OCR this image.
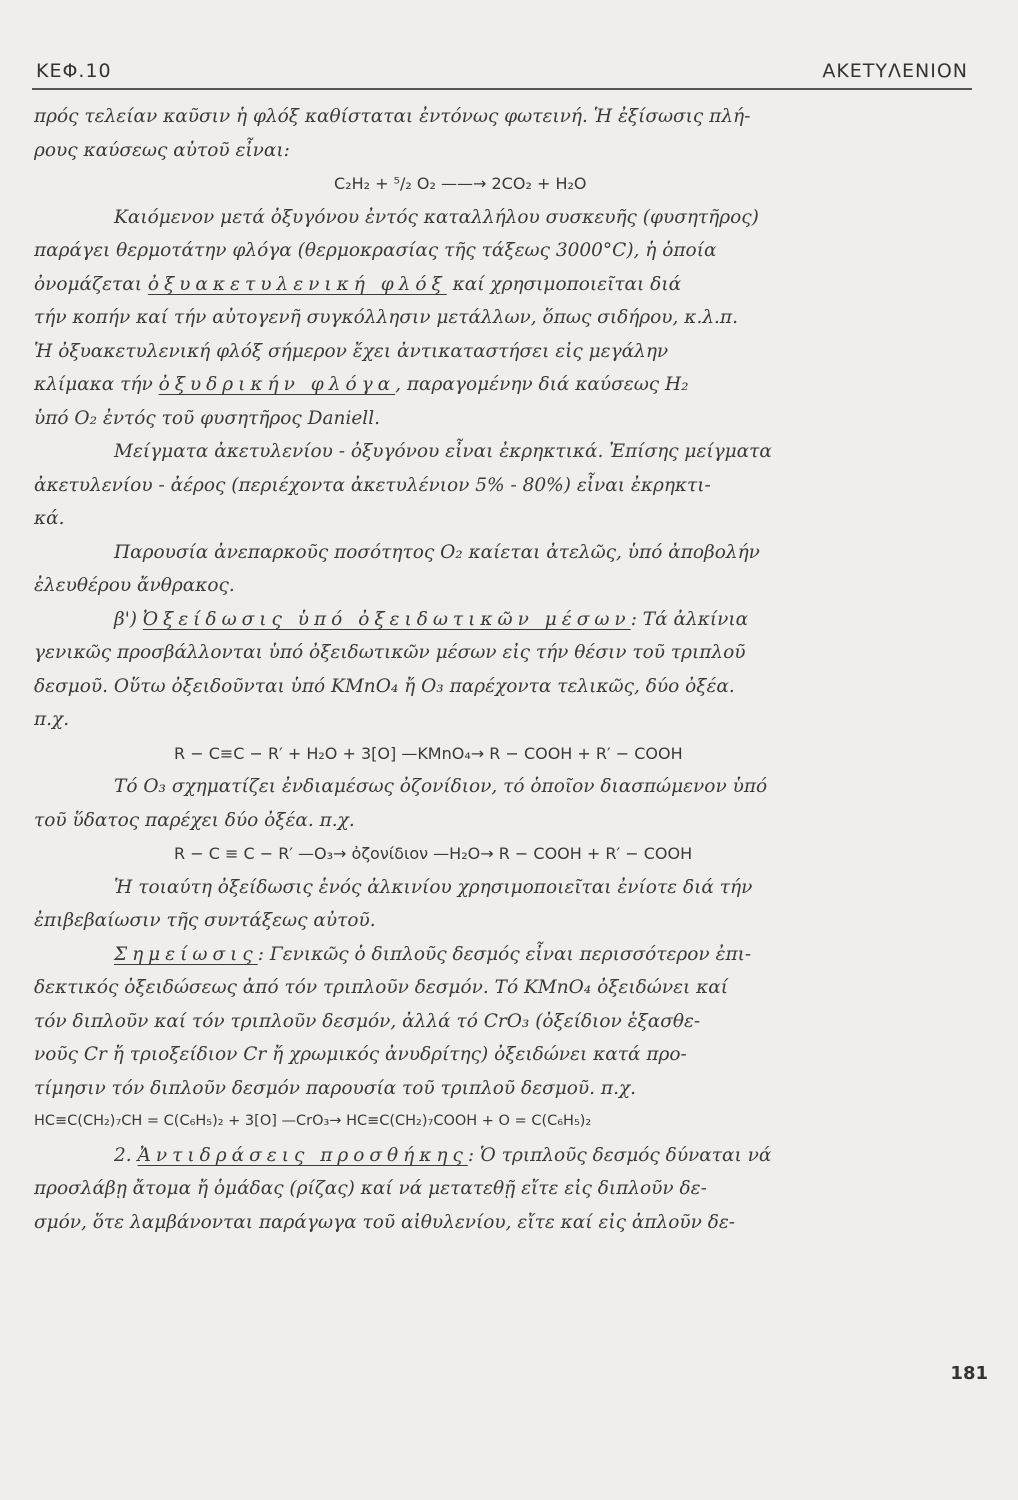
ΚΕΦ.10	ΑΚΕΤΥΛΕΝΙΟΝ
πρός τελείαν καῦσιν ἡ φλόξ καθίσταται ἐντόνως φωτεινή. Ἡ ἐξίσωσις πλή-
ρους καύσεως αὐτοῦ εἶναι:
C₂H₂ + ⁵/₂ O₂ ——→ 2CO₂ + H₂O
Καιόμενον μετά ὀξυγόνου ἐντός καταλλήλου συσκευῆς (φυσητῆρος)
παράγει θερμοτάτην φλόγα (θερμοκρασίας τῆς τάξεως 3000°C), ἡ ὁποία
ὀνομάζεται ὀξυακετυλενική φλόξ καί χρησιμοποιεῖται διά
τήν κοπήν καί τήν αὐτογενῆ συγκόλλησιν μετάλλων, ὅπως σιδήρου, κ.λ.π.
Ἡ ὀξυακετυλενική φλόξ σήμερον ἔχει ἀντικαταστήσει εἰς μεγάλην
κλίμακα τήν ὀξυδρικήν φλόγα, παραγομένην διά καύσεως H₂
ὑπό O₂ ἐντός τοῦ φυσητῆρος Daniell.
Μείγματα ἀκετυλενίου - ὀξυγόνου εἶναι ἐκρηκτικά. Ἐπίσης μείγματα
ἀκετυλενίου - ἀέρος (περιέχοντα ἀκετυλένιον 5% - 80%) εἶναι ἐκρηκτι-
κά.
Παρουσία ἀνεπαρκοῦς ποσότητος O₂ καίεται ἀτελῶς, ὑπό ἀποβολήν
ἐλευθέρου ἄνθρακος.
β') Ὀξείδωσις ὑπό ὀξειδωτικῶν μέσων: Τά ἀλκίνια
γενικῶς προσβάλλονται ὑπό ὀξειδωτικῶν μέσων εἰς τήν θέσιν τοῦ τριπλοῦ
δεσμοῦ. Οὕτω ὀξειδοῦνται ὑπό KMnO₄ ἤ O₃ παρέχοντα τελικῶς, δύο ὀξέα.
π.χ.
R − C≡C − R′ + H₂O + 3[O] —KMnO₄→ R − COOH + R′ − COOH
Τό O₃ σχηματίζει ἐνδιαμέσως ὀζονίδιον, τό ὁποῖον διασπώμενον ὑπό
τοῦ ὕδατος παρέχει δύο ὀξέα. π.χ.
R − C ≡ C − R′ —O₃→ ὀζονίδιον —H₂O→ R − COOH + R′ − COOH
Ἡ τοιαύτη ὀξείδωσις ἑνός ἀλκινίου χρησιμοποιεῖται ἐνίοτε διά τήν
ἐπιβεβαίωσιν τῆς συντάξεως αὐτοῦ.
Σημείωσις: Γενικῶς ὁ διπλοῦς δεσμός εἶναι περισσότερον ἐπι-
δεκτικός ὀξειδώσεως ἀπό τόν τριπλοῦν δεσμόν. Τό KMnO₄ ὀξειδώνει καί
τόν διπλοῦν καί τόν τριπλοῦν δεσμόν, ἀλλά τό CrO₃ (ὀξείδιον ἑξασθε-
νοῦς Cr ἤ τριοξείδιον Cr ἤ χρωμικός ἀνυδρίτης) ὀξειδώνει κατά προ-
τίμησιν τόν διπλοῦν δεσμόν παρουσία τοῦ τριπλοῦ δεσμοῦ. π.χ.
HC≡C(CH₂)₇CH = C(C₆H₅)₂ + 3[O] —CrO₃→ HC≡C(CH₂)₇COOH + O = C(C₆H₅)₂
2. Ἀντιδράσεις προσθήκης: Ὁ τριπλοῦς δεσμός δύναται νά
προσλάβῃ ἄτομα ἤ ὁμάδας (ρίζας) καί νά μετατεθῇ εἴτε εἰς διπλοῦν δε-
σμόν, ὅτε λαμβάνονται παράγωγα τοῦ αἰθυλενίου, εἴτε καί εἰς ἁπλοῦν δε-
181
